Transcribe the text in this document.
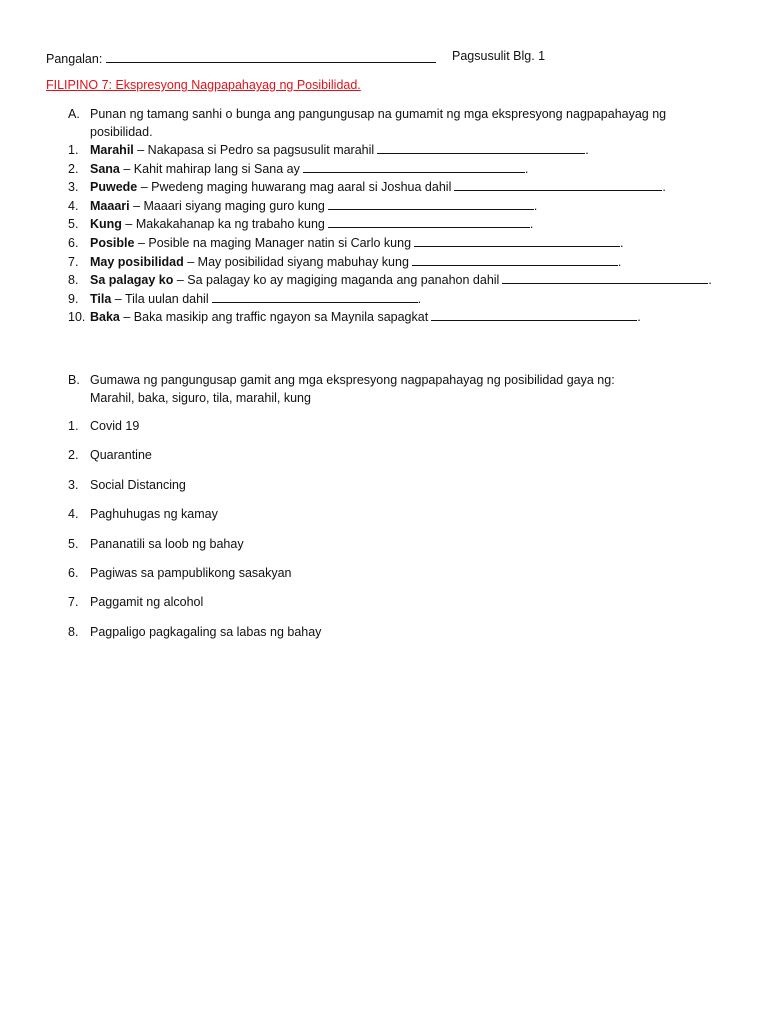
Pangalan:	Pagsusulit Blg. 1
FILIPINO 7: Ekspresyong Nagpapahayag ng Posibilidad.
A. Punan ng tamang sanhi o bunga ang pangungusap na gumamit ng mga ekspresyong nagpapahayag ng posibilidad.
1. Marahil – Nakapasa si Pedro sa pagsusulit marahil	.
2. Sana – Kahit mahirap lang si Sana ay	.
3. Puwede – Pwedeng maging huwarang mag aaral si Joshua dahil	.
4. Maaari – Maaari siyang maging guro kung	.
5. Kung – Makakahanap ka ng trabaho kung	.
6. Posible – Posible na maging Manager natin si Carlo kung	.
7. May posibilidad – May posibilidad siyang mabuhay kung	.
8. Sa palagay ko – Sa palagay ko ay magiging maganda ang panahon dahil	.
9. Tila – Tila uulan dahil	.
10. Baka – Baka masikip ang traffic ngayon sa Maynila sapagkat	.
B. Gumawa ng pangungusap gamit ang mga ekspresyong nagpapahayag ng posibilidad gaya ng:
Marahil, baka, siguro, tila, marahil, kung
1. Covid 19
2. Quarantine
3. Social Distancing
4. Paghuhugas ng kamay
5. Pananatili sa loob ng bahay
6. Pagiwas sa pampublikong sasakyan
7. Paggamit ng alcohol
8. Pagpaligo pagkagaling sa labas ng bahay
